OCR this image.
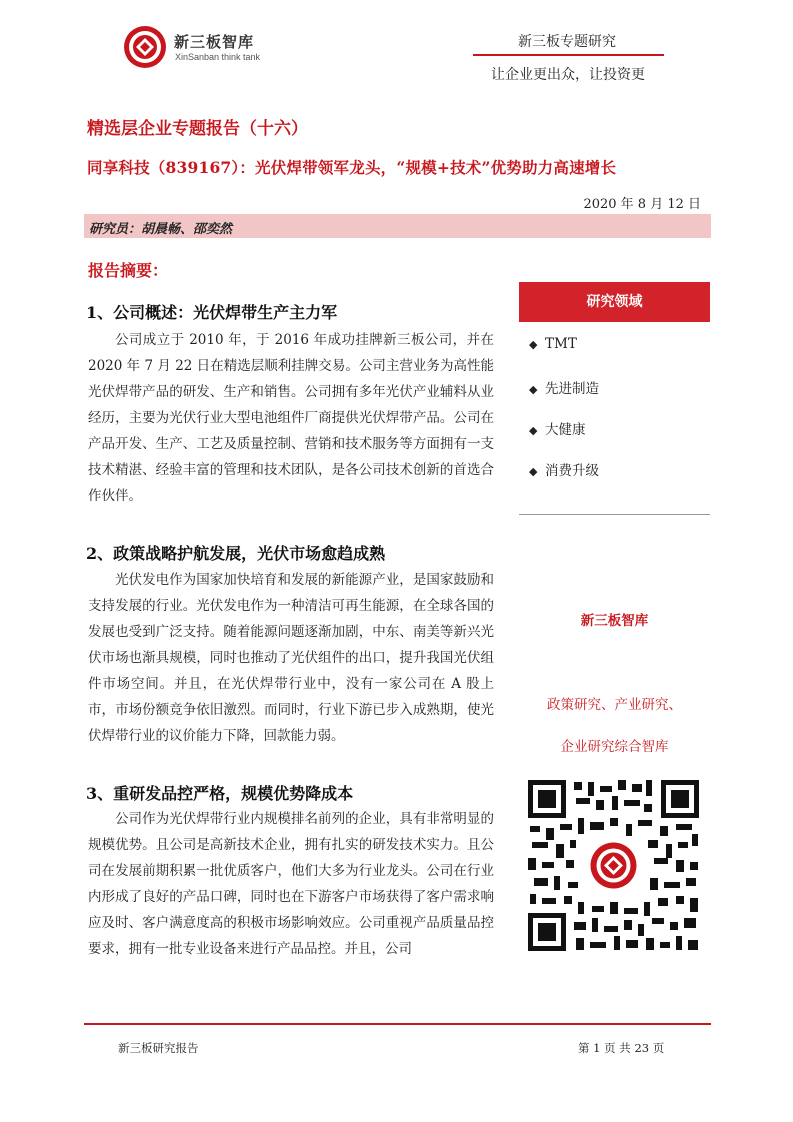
新三板智库
XinSanban think tank
新三板专题研究
让企业更出众，让投资更
精选层企业专题报告（十六）
同享科技（839167）：光伏焊带领军龙头，“规模+技术”优势助力高速增长
2020 年 8 月 12 日
研究员：胡晨畅、邵奕然
报告摘要：
1、公司概述：光伏焊带生产主力军
公司成立于 2010 年，于 2016 年成功挂牌新三板公司，并在 2020 年 7 月 22 日在精选层顺利挂牌交易。公司主营业务为高性能光伏焊带产品的研发、生产和销售。公司拥有多年光伏产业辅料从业经历，主要为光伏行业大型电池组件厂商提供光伏焊带产品。公司在产品开发、生产、工艺及质量控制、营销和技术服务等方面拥有一支技术精湛、经验丰富的管理和技术团队，是各公司技术创新的首选合作伙伴。
2、政策战略护航发展，光伏市场愈趋成熟
光伏发电作为国家加快培育和发展的新能源产业，是国家鼓励和支持发展的行业。光伏发电作为一种清洁可再生能源，在全球各国的发展也受到广泛支持。随着能源问题逐渐加剧，中东、南美等新兴光伏市场也渐具规模，同时也推动了光伏组件的出口，提升我国光伏组件市场空间。并且，在光伏焊带行业中，没有一家公司在 A 股上市，市场份额竞争依旧激烈。而同时，行业下游已步入成熟期，使光伏焊带行业的议价能力下降，回款能力弱。
3、重研发品控严格，规模优势降成本
公司作为光伏焊带行业内规模排名前列的企业，具有非常明显的规模优势。且公司是高新技术企业，拥有扎实的研发技术实力。且公司在发展前期积累一批优质客户，他们大多为行业龙头。公司在行业内形成了良好的产品口碑，同时也在下游客户市场获得了客户需求响应及时、客户满意度高的积极市场影响效应。公司重视产品质量品控要求，拥有一批专业设备来进行产品品控。并且，公司
研究领域
◆ TMT
◆ 先进制造
◆ 大健康
◆ 消费升级
新三板智库
政策研究、产业研究、
企业研究综合智库
新三板研究报告	第 1 页 共 23 页
